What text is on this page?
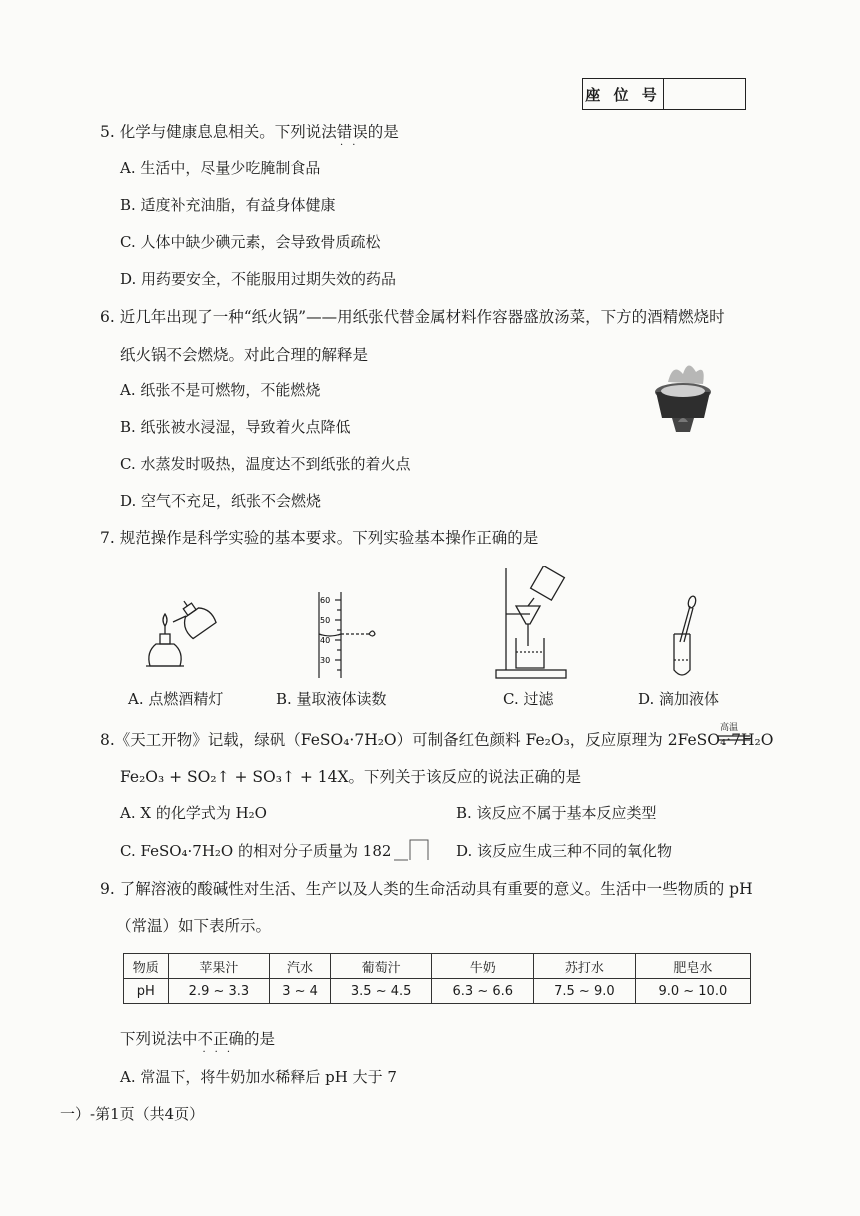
座 位 号
5. 化学与健康息息相关。下列说法错误
··
的是
A. 生活中，尽量少吃腌制食品
B. 适度补充油脂，有益身体健康
C. 人体中缺少碘元素，会导致骨质疏松
D. 用药要安全，不能服用过期失效的药品
6. 近几年出现了一种“纸火锅”——用纸张代替金属材料作容器盛放汤菜，下方的酒精燃烧时
纸火锅不会燃烧。对此合理的解释是
A. 纸张不是可燃物，不能燃烧
B. 纸张被水浸湿，导致着火点降低
C. 水蒸发时吸热，温度达不到纸张的着火点
D. 空气不充足，纸张不会燃烧
7. 规范操作是科学实验的基本要求。下列实验基本操作正确的是
60
50
40
30
A. 点燃酒精灯	B. 量取液体读数	C. 过滤	D. 滴加液体
8.《天工开物》记载，绿矾（FeSO₄·7H₂O）可制备红色颜料 Fe₂O₃，反应原理为 2FeSO₄·7H₂O
高温
Fe₂O₃ + SO₂↑ + SO₃↑ + 14X。下列关于该反应的说法正确的是
A. X 的化学式为 H₂O	B. 该反应不属于基本反应类型
C. FeSO₄·7H₂O 的相对分子质量为 182	D. 该反应生成三种不同的氧化物
9. 了解溶液的酸碱性对生活、生产以及人类的生命活动具有重要的意义。生活中一些物质的 pH
（常温）如下表所示。
物质	苹果汁	汽水	葡萄汁	牛奶	苏打水	肥皂水
pH	2.9 ~ 3.3	3 ~ 4	3.5 ~ 4.5	6.3 ~ 6.6	7.5 ~ 9.0	9.0 ~ 10.0
下列说法中不正确
···
的是
A. 常温下，将牛奶加水稀释后 pH 大于 7
一）-第1页（共4页）
